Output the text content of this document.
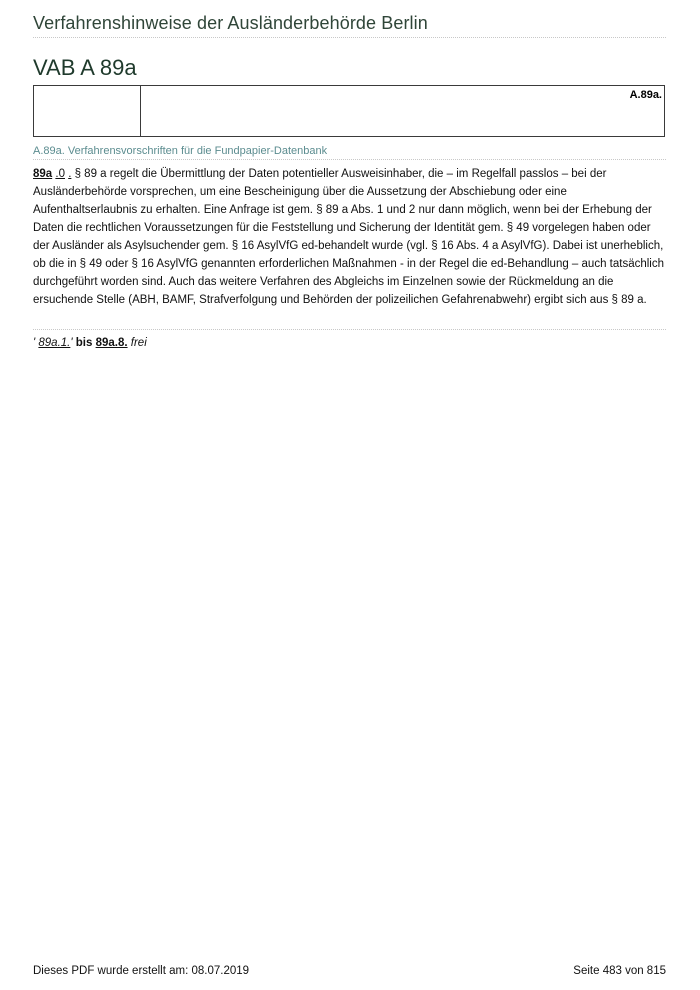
Verfahrenshinweise der Ausländerbehörde Berlin
VAB A 89a
A.89a.
A.89a. Verfahrensvorschriften für die Fundpapier-Datenbank
89a .0 . § 89 a regelt die Übermittlung der Daten potentieller Ausweisinhaber, die – im Regelfall passlos – bei der Ausländerbehörde vorsprechen, um eine Bescheinigung über die Aussetzung der Abschiebung oder eine Aufenthaltserlaubnis zu erhalten. Eine Anfrage ist gem. § 89 a Abs. 1 und 2 nur dann möglich, wenn bei der Erhebung der Daten die rechtlichen Voraussetzungen für die Feststellung und Sicherung der Identität gem. § 49 vorgelegen haben oder der Ausländer als Asylsuchender gem. § 16 AsylVfG ed-behandelt wurde (vgl. § 16 Abs. 4 a AsylVfG). Dabei ist unerheblich, ob die in § 49 oder § 16 AsylVfG genannten erforderlichen Maßnahmen - in der Regel die ed-Behandlung – auch tatsächlich durchgeführt worden sind. Auch das weitere Verfahren des Abgleichs im Einzelnen sowie der Rückmeldung an die ersuchende Stelle (ABH, BAMF, Strafverfolgung und Behörden der polizeilichen Gefahrenabwehr) ergibt sich aus § 89 a.
' 89a.1.' bis 89a.8. frei
Dieses PDF wurde erstellt am: 08.07.2019	Seite 483 von 815
